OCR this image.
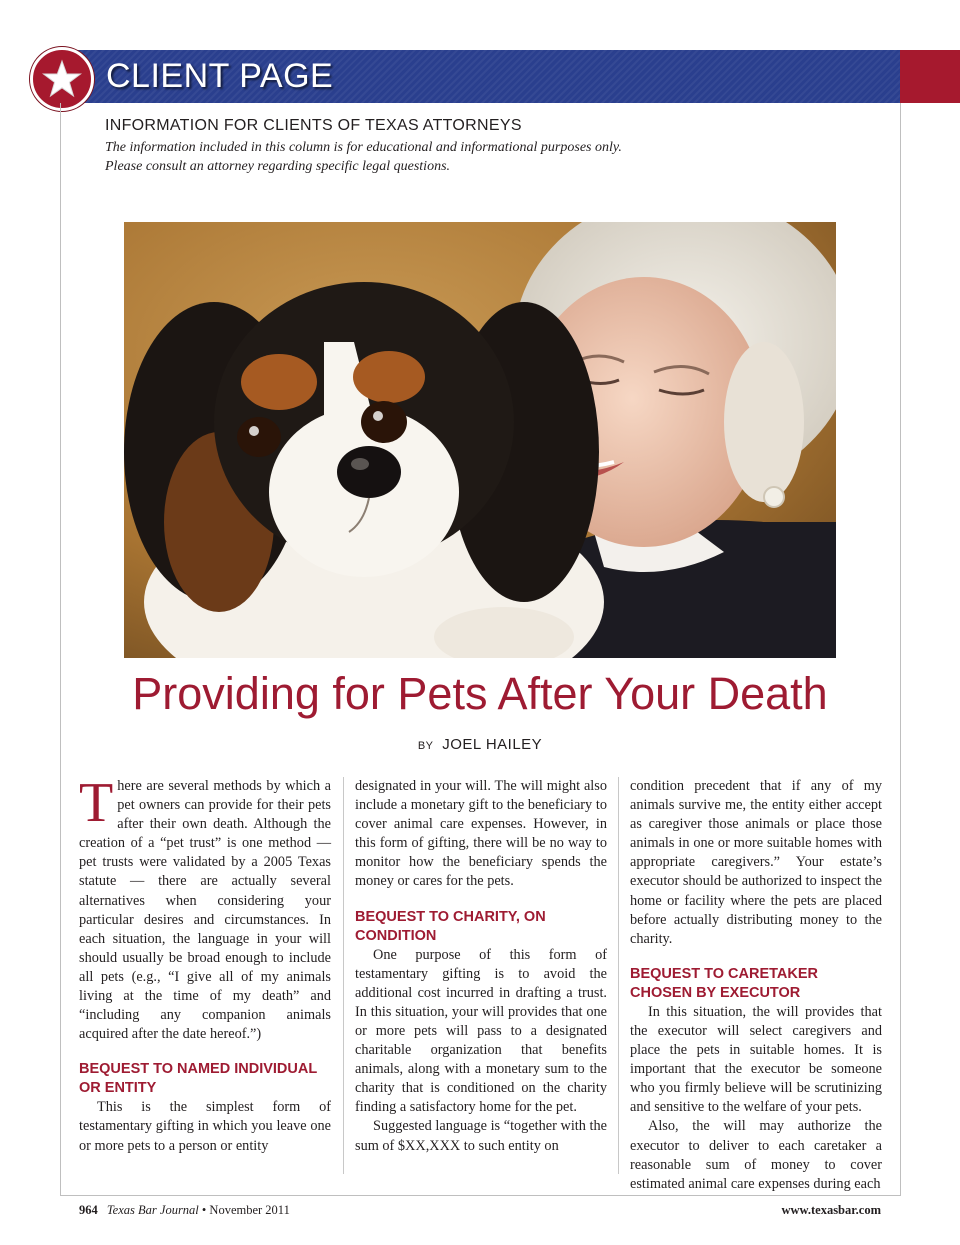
CLIENT PAGE
INFORMATION FOR CLIENTS OF TEXAS ATTORNEYS
The information included in this column is for educational and informational purposes only.
Please consult an attorney regarding specific legal questions.
Providing for Pets After Your Death
BY JOEL HAILEY

There are several methods by which a pet owners can provide for their pets after their own death. Although the creation of a “pet trust” is one method — pet trusts were validated by a 2005 Texas statute — there are actually several alternatives when considering your particular desires and circumstances. In each situation, the language in your will should usually be broad enough to include all pets (e.g., “I give all of my animals living at the time of my death” and “including any companion animals acquired after the date hereof.”)

BEQUEST TO NAMED INDIVIDUAL OR ENTITY

This is the simplest form of testamentary gifting in which you leave one or more pets to a person or entity

designated in your will. The will might also include a monetary gift to the beneficiary to cover animal care expenses. However, in this form of gifting, there will be no way to monitor how the beneficiary spends the money or cares for the pets.

BEQUEST TO CHARITY, ON CONDITION

One purpose of this form of testamentary gifting is to avoid the additional cost incurred in drafting a trust. In this situation, your will provides that one or more pets will pass to a designated charitable organization that benefits animals, along with a monetary sum to the charity that is conditioned on the charity finding a satisfactory home for the pet.

Suggested language is “together with the sum of $XX,XXX to such entity on

condition precedent that if any of my animals survive me, the entity either accept as caregiver those animals or place those animals in one or more suitable homes with appropriate caregivers.” Your estate’s executor should be authorized to inspect the home or facility where the pets are placed before actually distributing money to the charity.

BEQUEST TO CARETAKER CHOSEN BY EXECUTOR

In this situation, the will provides that the executor will select caregivers and place the pets in suitable homes. It is important that the executor be someone who you firmly believe will be scrutinizing and sensitive to the welfare of your pets.

Also, the will may authorize the executor to deliver to each caretaker a reasonable sum of money to cover estimated animal care expenses during each

964 Texas Bar Journal • November 2011	www.texasbar.com
